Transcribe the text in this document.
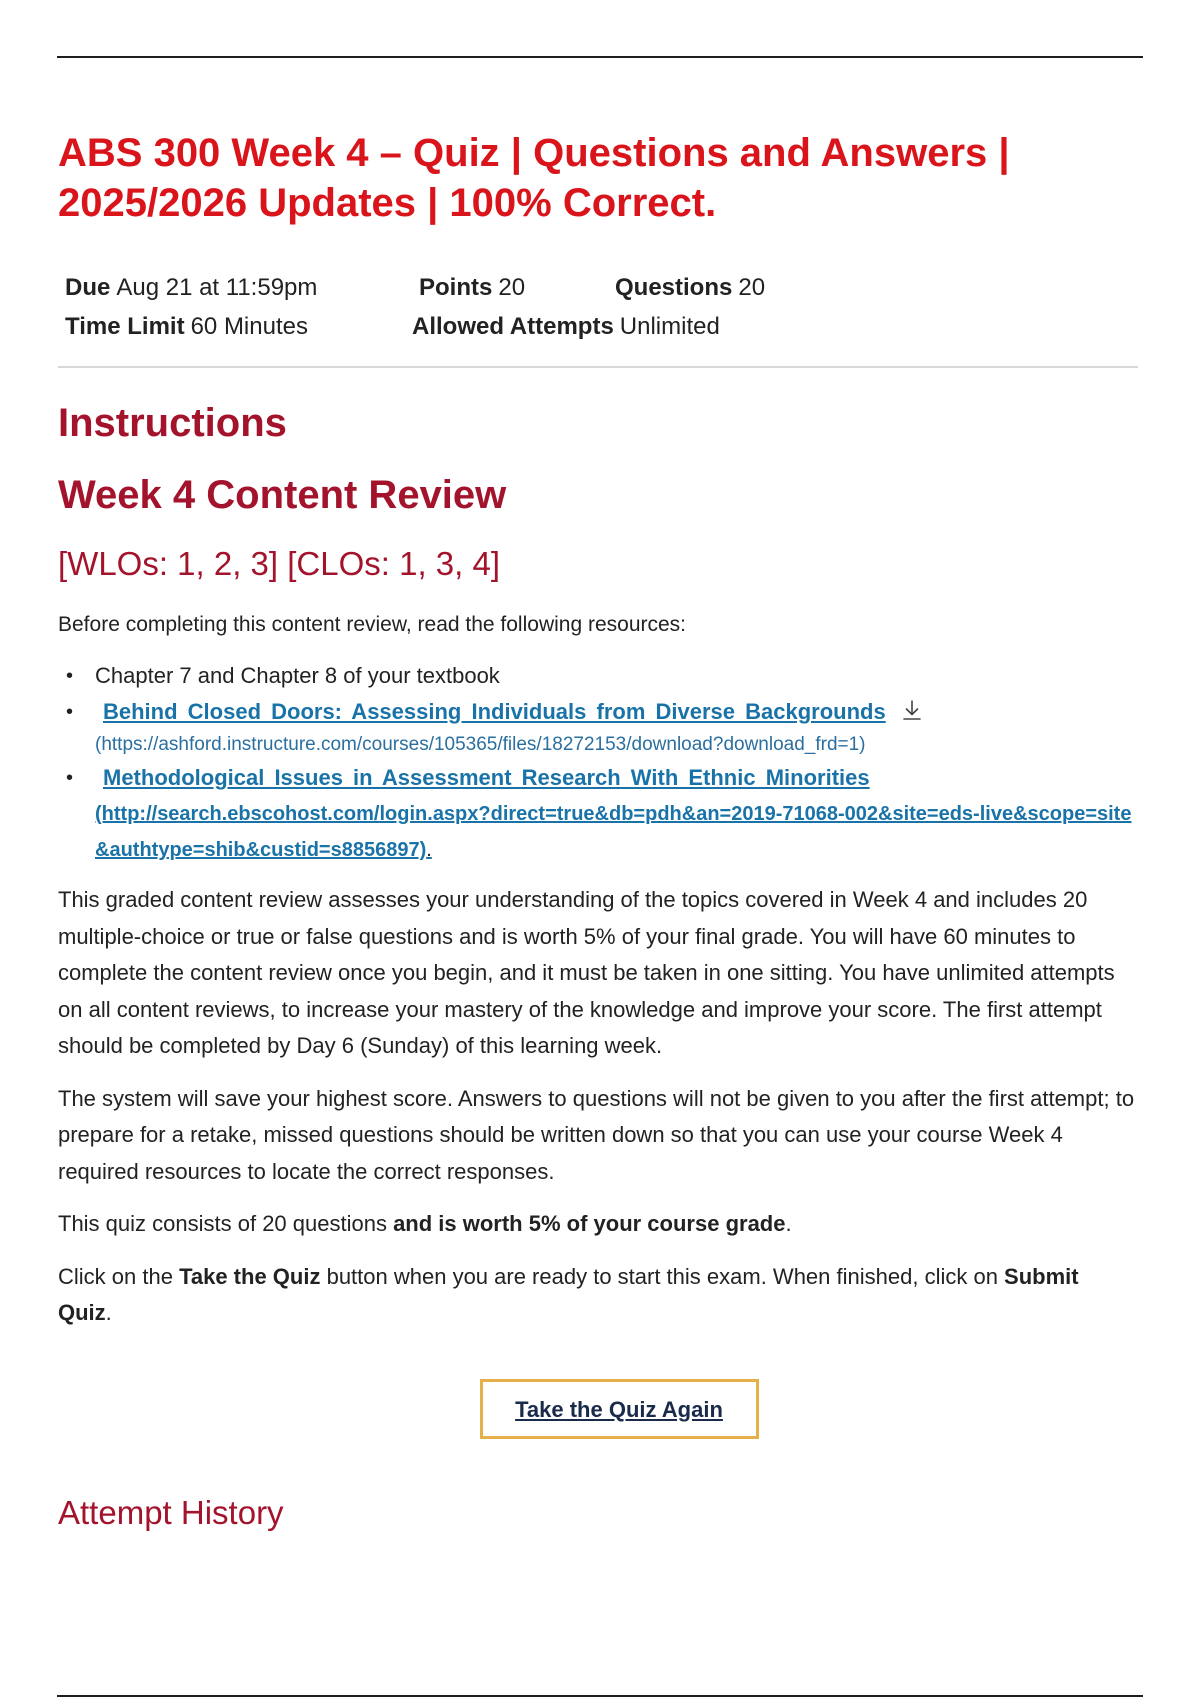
ABS 300 Week 4 – Quiz | Questions and Answers | 2025/2026 Updates | 100% Correct.
Due Aug 21 at 11:59pm	Points 20	Questions 20
Time Limit 60 Minutes	Allowed Attempts Unlimited
Instructions
Week 4 Content Review
[WLOs: 1, 2, 3] [CLOs: 1, 3, 4]

Before completing this content review, read the following resources:

• Chapter 7 and Chapter 8 of your textbook
• Behind Closed Doors: Assessing Individuals from Diverse Backgrounds
(https://ashford.instructure.com/courses/105365/files/18272153/download?download_frd=1)
• Methodological Issues in Assessment Research With Ethnic Minorities
(http://search.ebscohost.com/login.aspx?direct=true&db=pdh&an=2019-71068-002&site=eds-live&scope=site&authtype=shib&custid=s8856897).

This graded content review assesses your understanding of the topics covered in Week 4 and includes 20 multiple-choice or true or false questions and is worth 5% of your final grade. You will have 60 minutes to complete the content review once you begin, and it must be taken in one sitting. You have unlimited attempts on all content reviews, to increase your mastery of the knowledge and improve your score. The first attempt should be completed by Day 6 (Sunday) of this learning week.

The system will save your highest score. Answers to questions will not be given to you after the first attempt; to prepare for a retake, missed questions should be written down so that you can use your course Week 4 required resources to locate the correct responses.

This quiz consists of 20 questions and is worth 5% of your course grade.

Click on the Take the Quiz button when you are ready to start this exam. When finished, click on Submit Quiz.

Take the Quiz Again
Attempt History
